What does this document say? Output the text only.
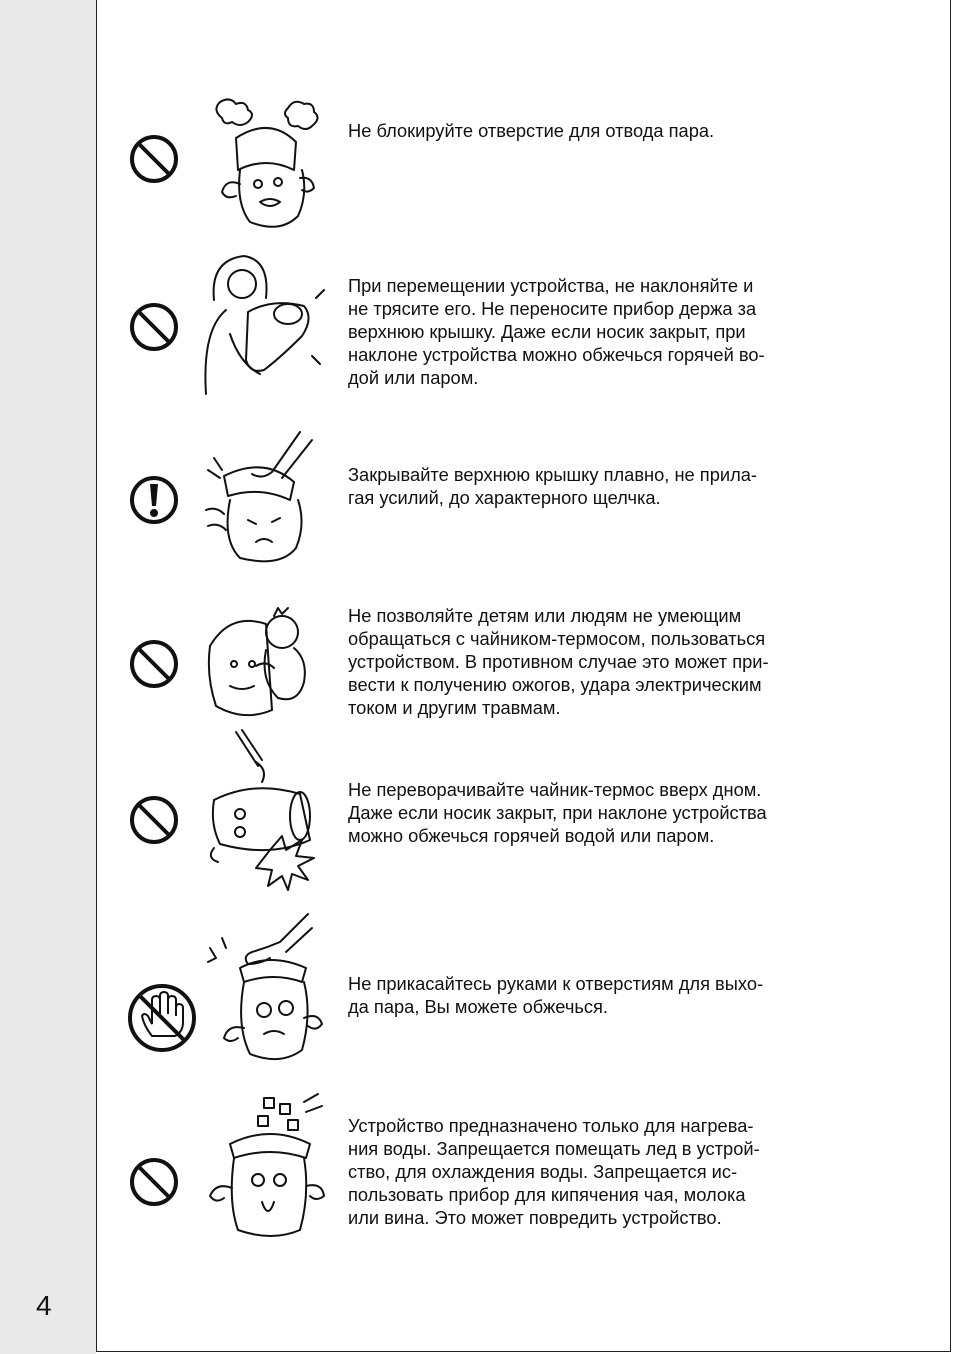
4

Не блокируйте отверстие для отвода пара.

При перемещении устройства, не наклоняйте и
не трясите его. Не переносите прибор держа за
верхнюю крышку. Даже если носик закрыт, при
наклоне устройства можно обжечься горячей во-
дой или паром.

Закрывайте верхнюю крышку плавно, не прила-
гая усилий, до характерного щелчка.

Не позволяйте детям или людям не умеющим
обращаться с чайником-термосом, пользоваться
устройством. В противном случае это может при-
вести к получению ожогов, удара электрическим
током и другим травмам.

Не переворачивайте чайник-термос вверх дном.
Даже если носик закрыт, при наклоне устройства
можно обжечься горячей водой или паром.

Не прикасайтесь руками к отверстиям для выхо-
да пара, Вы можете обжечься.

Устройство предназначено только для нагрева-
ния воды. Запрещается помещать лед в устрой-
ство, для охлаждения воды. Запрещается ис-
пользовать прибор для кипячения чая, молока
или вина. Это может повредить устройство.
